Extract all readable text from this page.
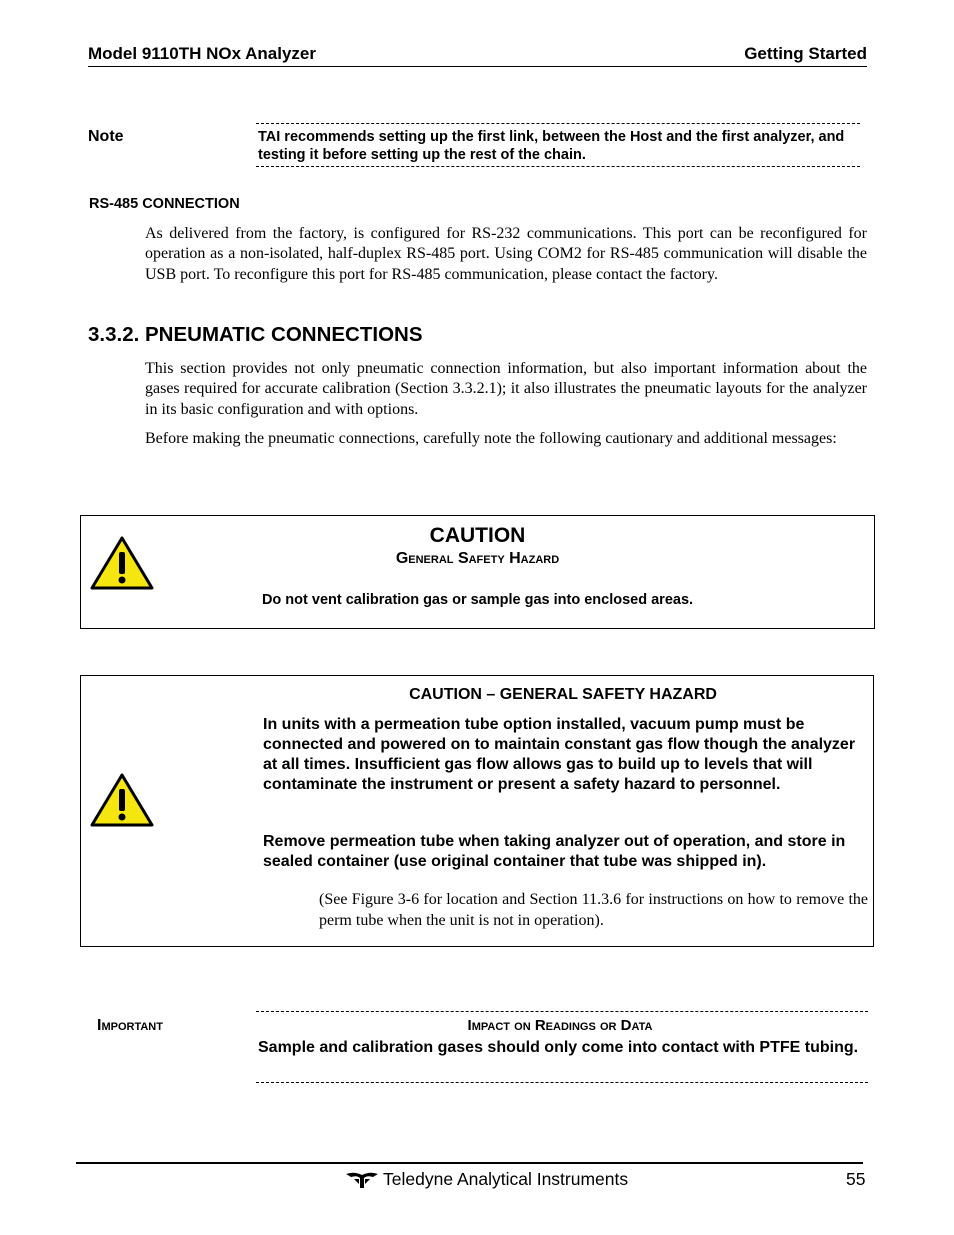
Model 9110TH NOx Analyzer	Getting Started
Note	TAI recommends setting up the first link, between the Host and the first analyzer, and testing it before setting up the rest of the chain.
RS-485 CONNECTION
As delivered from the factory, is configured for RS-232 communications. This port can be reconfigured for operation as a non-isolated, half-duplex RS-485 port. Using COM2 for RS-485 communication will disable the USB port. To reconfigure this port for RS-485 communication, please contact the factory.
3.3.2. PNEUMATIC CONNECTIONS
This section provides not only pneumatic connection information, but also important information about the gases required for accurate calibration (Section 3.3.2.1); it also illustrates the pneumatic layouts for the analyzer in its basic configuration and with options.
Before making the pneumatic connections, carefully note the following cautionary and additional messages:
CAUTION
General Safety Hazard
Do not vent calibration gas or sample gas into enclosed areas.
CAUTION – GENERAL SAFETY HAZARD
In units with a permeation tube option installed, vacuum pump must be connected and powered on to maintain constant gas flow though the analyzer at all times. Insufficient gas flow allows gas to build up to levels that will contaminate the instrument or present a safety hazard to personnel.
Remove permeation tube when taking analyzer out of operation, and store in sealed container (use original container that tube was shipped in).
(See Figure 3-6 for location and Section 11.3.6 for instructions on how to remove the perm tube when the unit is not in operation).
Important	Impact on Readings or Data
Sample and calibration gases should only come into contact with PTFE tubing.
Teledyne Analytical Instruments	55
